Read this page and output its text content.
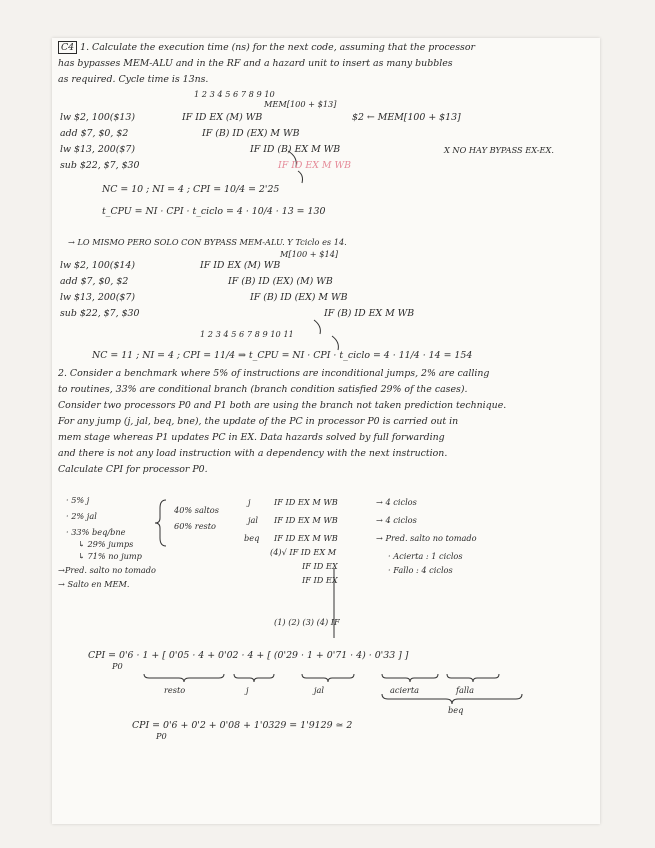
C4 1. Calculate the execution time (ns) for the next code, assuming that the processor
has bypasses MEM-ALU and in the RF and a hazard unit to insert as many bubbles
as required. Cycle time is 13ns.
1 2 3 4 5 6 7 8 9 10
MEM[100 + $13]
lw $2, 100($13)	IF ID EX (M) WB	$2 ← MEM[100 + $13]
add $7, $0, $2	IF (B) ID (EX) M WB
lw $13, 200($7)	IF ID (B) EX M WB	X NO HAY BYPASS EX-EX.
sub $22, $7, $30	IF ID EX M WB
NC = 10 ; NI = 4 ; CPI = 10/4 = 2'25
t_CPU = NI · CPI · t_ciclo = 4 · 10/4 · 13 = 130
→ LO MISMO PERO SOLO CON BYPASS MEM-ALU. Y Tciclo es 14.
M[100 + $14]
lw $2, 100($14)	IF ID EX (M) WB
add $7, $0, $2	IF (B) ID (EX) (M) WB
lw $13, 200($7)	IF (B) ID (EX) M WB
sub $22, $7, $30	IF (B) ID EX M WB
1 2 3 4 5 6 7 8 9 10 11
NC = 11 ; NI = 4 ; CPI = 11/4 ⇒ t_CPU = NI · CPI · t_ciclo = 4 · 11/4 · 14 = 154
2. Consider a benchmark where 5% of instructions are inconditional jumps, 2% are calling
to routines, 33% are conditional branch (branch condition satisfied 29% of the cases).
Consider two processors P0 and P1 both are using the branch not taken prediction technique.
For any jump (j, jal, beq, bne), the update of the PC in processor P0 is carried out in
mem stage whereas P1 updates PC in EX. Data hazards solved by full forwarding
and there is not any load instruction with a dependency with the next instruction.
Calculate CPI for processor P0.
· 5% j
· 2% jal
· 33% beq/bne
↳ 29% jumps
↳ 71% no jump
→Pred. salto no tomado
→ Salto en MEM.
40% saltos
60% resto
j	IF ID EX M WB	→ 4 ciclos
jal IF ID EX M WB	→ 4 ciclos
beq IF ID EX M WB	→ Pred. salto no tomado
(4)√ IF ID EX M
IF ID EX
IF ID EX
· Acierta : 1 ciclos
· Fallo : 4 ciclos
(1) (2) (3) (4) IF
CPI = 0'6 · 1 + [ 0'05 · 4 + 0'02 · 4 + [ (0'29 · 1 + 0'71 · 4) · 0'33 ] ]
P0
resto	j	jal	acierta	falla
beq
CPI = 0'6 + 0'2 + 0'08 + 1'0329 = 1'9129 ≃ 2
P0
